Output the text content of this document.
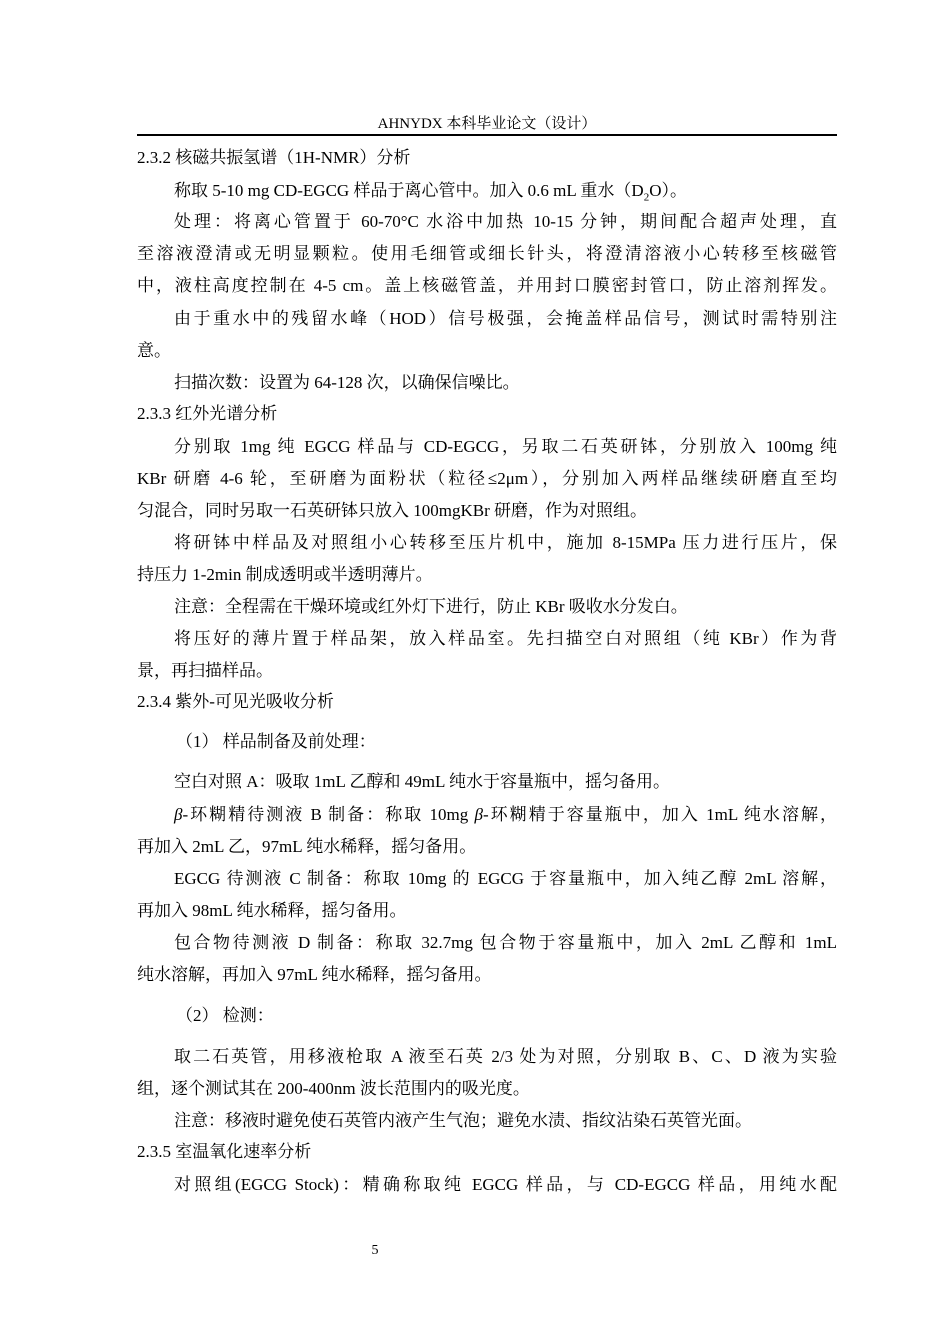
AHNYDX 本科毕业论文（设计）
2.3.2 核磁共振氢谱（1H-NMR）分析
称取 5-10 mg CD-EGCG 样品于离心管中。加入 0.6 mL 重水$(D_2O)$。
处理：将离心管置于 60-70°C 水浴中加热 10-15 分钟，期间配合超声处理，直
至溶液澄清或无明显颗粒。使用毛细管或细长针头，将澄清溶液小心转移至核磁管
中，液柱高度控制在 4-5 cm。盖上核磁管盖，并用封口膜密封管口，防止溶剂挥发。
由于重水中的残留水峰（HOD）信号极强，会掩盖样品信号，测试时需特别注
意。
扫描次数：设置为 64-128 次，以确保信噪比。
2.3.3 红外光谱分析
分别取 1mg 纯 EGCG 样品与 CD-EGCG，另取二石英研钵，分别放入 100mg 纯
KBr 研磨 4-6 轮，至研磨为面粉状（粒径≤2μm），分别加入两样品继续研磨直至均
匀混合，同时另取一石英研钵只放入 100mgKBr 研磨，作为对照组。
将研钵中样品及对照组小心转移至压片机中，施加 8-15MPa 压力进行压片，保
持压力 1-2min 制成透明或半透明薄片。
注意：全程需在干燥环境或红外灯下进行，防止 KBr 吸收水分发白。
将压好的薄片置于样品架，放入样品室。先扫描空白对照组（纯 KBr）作为背
景，再扫描样品。
2.3.4 紫外-可见光吸收分析
（1） 样品制备及前处理：
空白对照 A：吸取 1mL 乙醇和 49mL 纯水于容量瓶中，摇匀备用。
β-环糊精待测液 B 制备：称取 10mg β-环糊精于容量瓶中，加入 1mL 纯水溶解，
再加入 2mL 乙，97mL 纯水稀释，摇匀备用。
EGCG 待测液 C 制备：称取 10mg 的 EGCG 于容量瓶中，加入纯乙醇 2mL 溶解，
再加入 98mL 纯水稀释，摇匀备用。
包合物待测液 D 制备：称取 32.7mg 包合物于容量瓶中，加入 2mL 乙醇和 1mL
纯水溶解，再加入 97mL 纯水稀释，摇匀备用。
（2） 检测：
取二石英管，用移液枪取 A 液至石英 2/3 处为对照，分别取 B、C、D 液为实验
组，逐个测试其在 200-400nm 波长范围内的吸光度。
注意：移液时避免使石英管内液产生气泡；避免水渍、指纹沾染石英管光面。
2.3.5 室温氧化速率分析
对照组(EGCG Stock)：精确称取纯 EGCG 样品，与 CD-EGCG 样品，用纯水配
5
